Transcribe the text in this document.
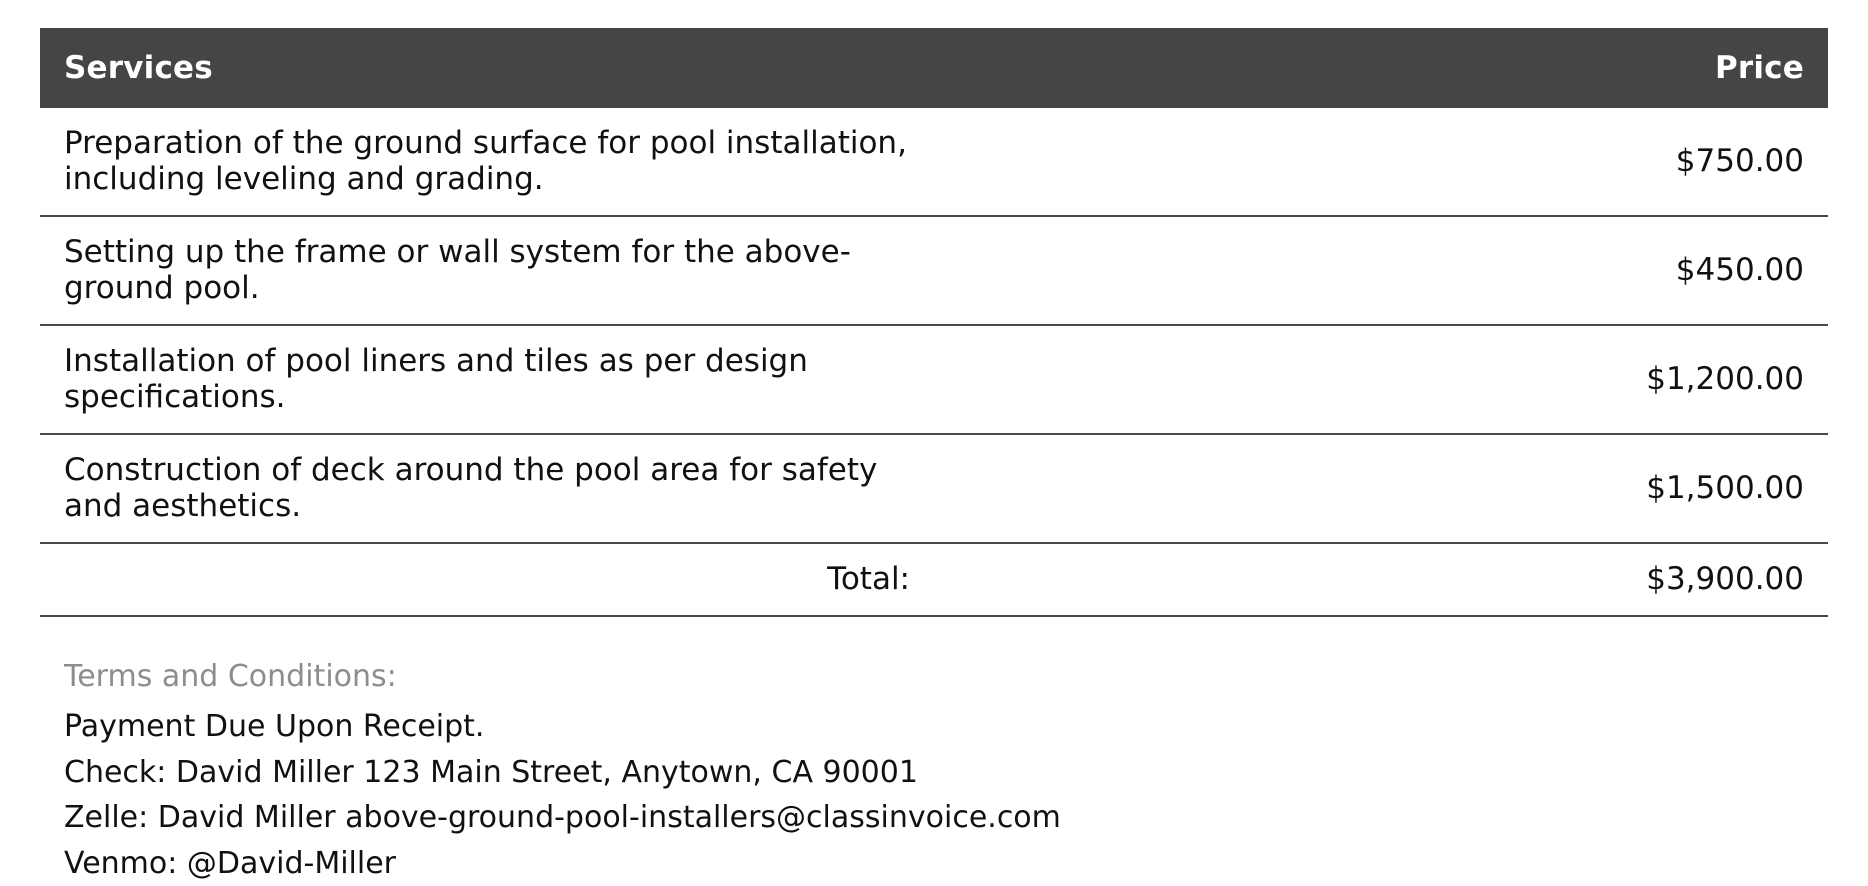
Services	Price
Preparation of the ground surface for pool installation, including leveling and grading.	$750.00
Setting up the frame or wall system for the above-ground pool.	$450.00
Installation of pool liners and tiles as per design specifications.	$1,200.00
Construction of deck around the pool area for safety and aesthetics.	$1,500.00
Total:	$3,900.00
Terms and Conditions:
Payment Due Upon Receipt.
Check: David Miller 123 Main Street, Anytown, CA 90001
Zelle: David Miller above-ground-pool-installers@classinvoice.com
Venmo: @David-Miller
